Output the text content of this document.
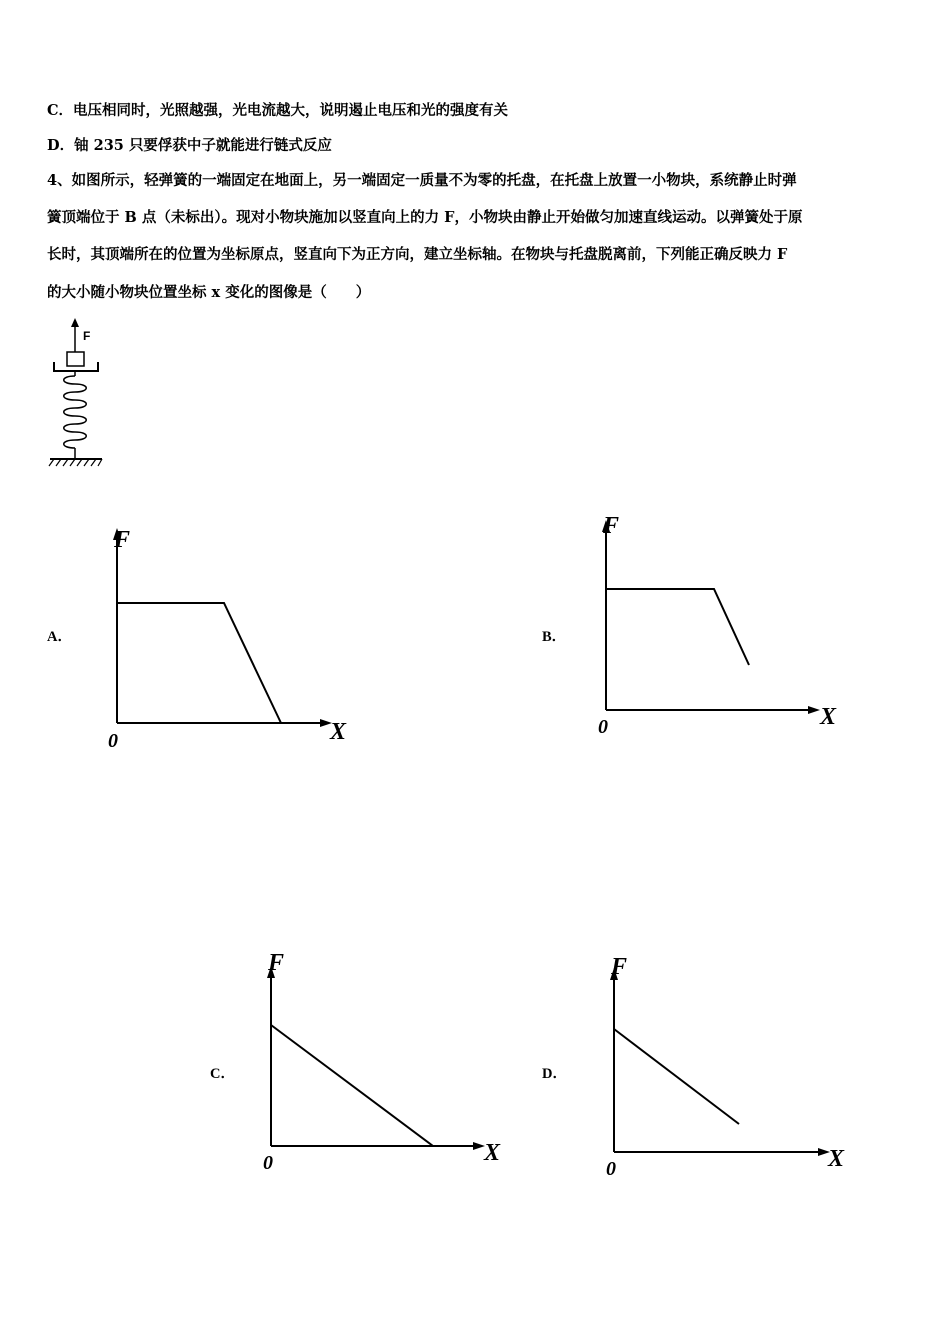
C．电压相同时，光照越强，光电流越大，说明遏止电压和光的强度有关
D．铀 235 只要俘获中子就能进行链式反应
4、如图所示，轻弹簧的一端固定在地面上，另一端固定一质量不为零的托盘，在托盘上放置一小物块，系统静止时弹
簧顶端位于 B 点（未标出）。现对小物块施加以竖直向上的力 F，小物块由静止开始做匀加速直线运动。以弹簧处于原
长时，其顶端所在的位置为坐标原点，竖直向下为正方向，建立坐标轴。在物块与托盘脱离前，下列能正确反映力 F
的大小随小物块位置坐标 x 变化的图像是（　　）
F
A．
F
X
0
B．
F
X
0
C．
F
X
0
D．
F
X
0
